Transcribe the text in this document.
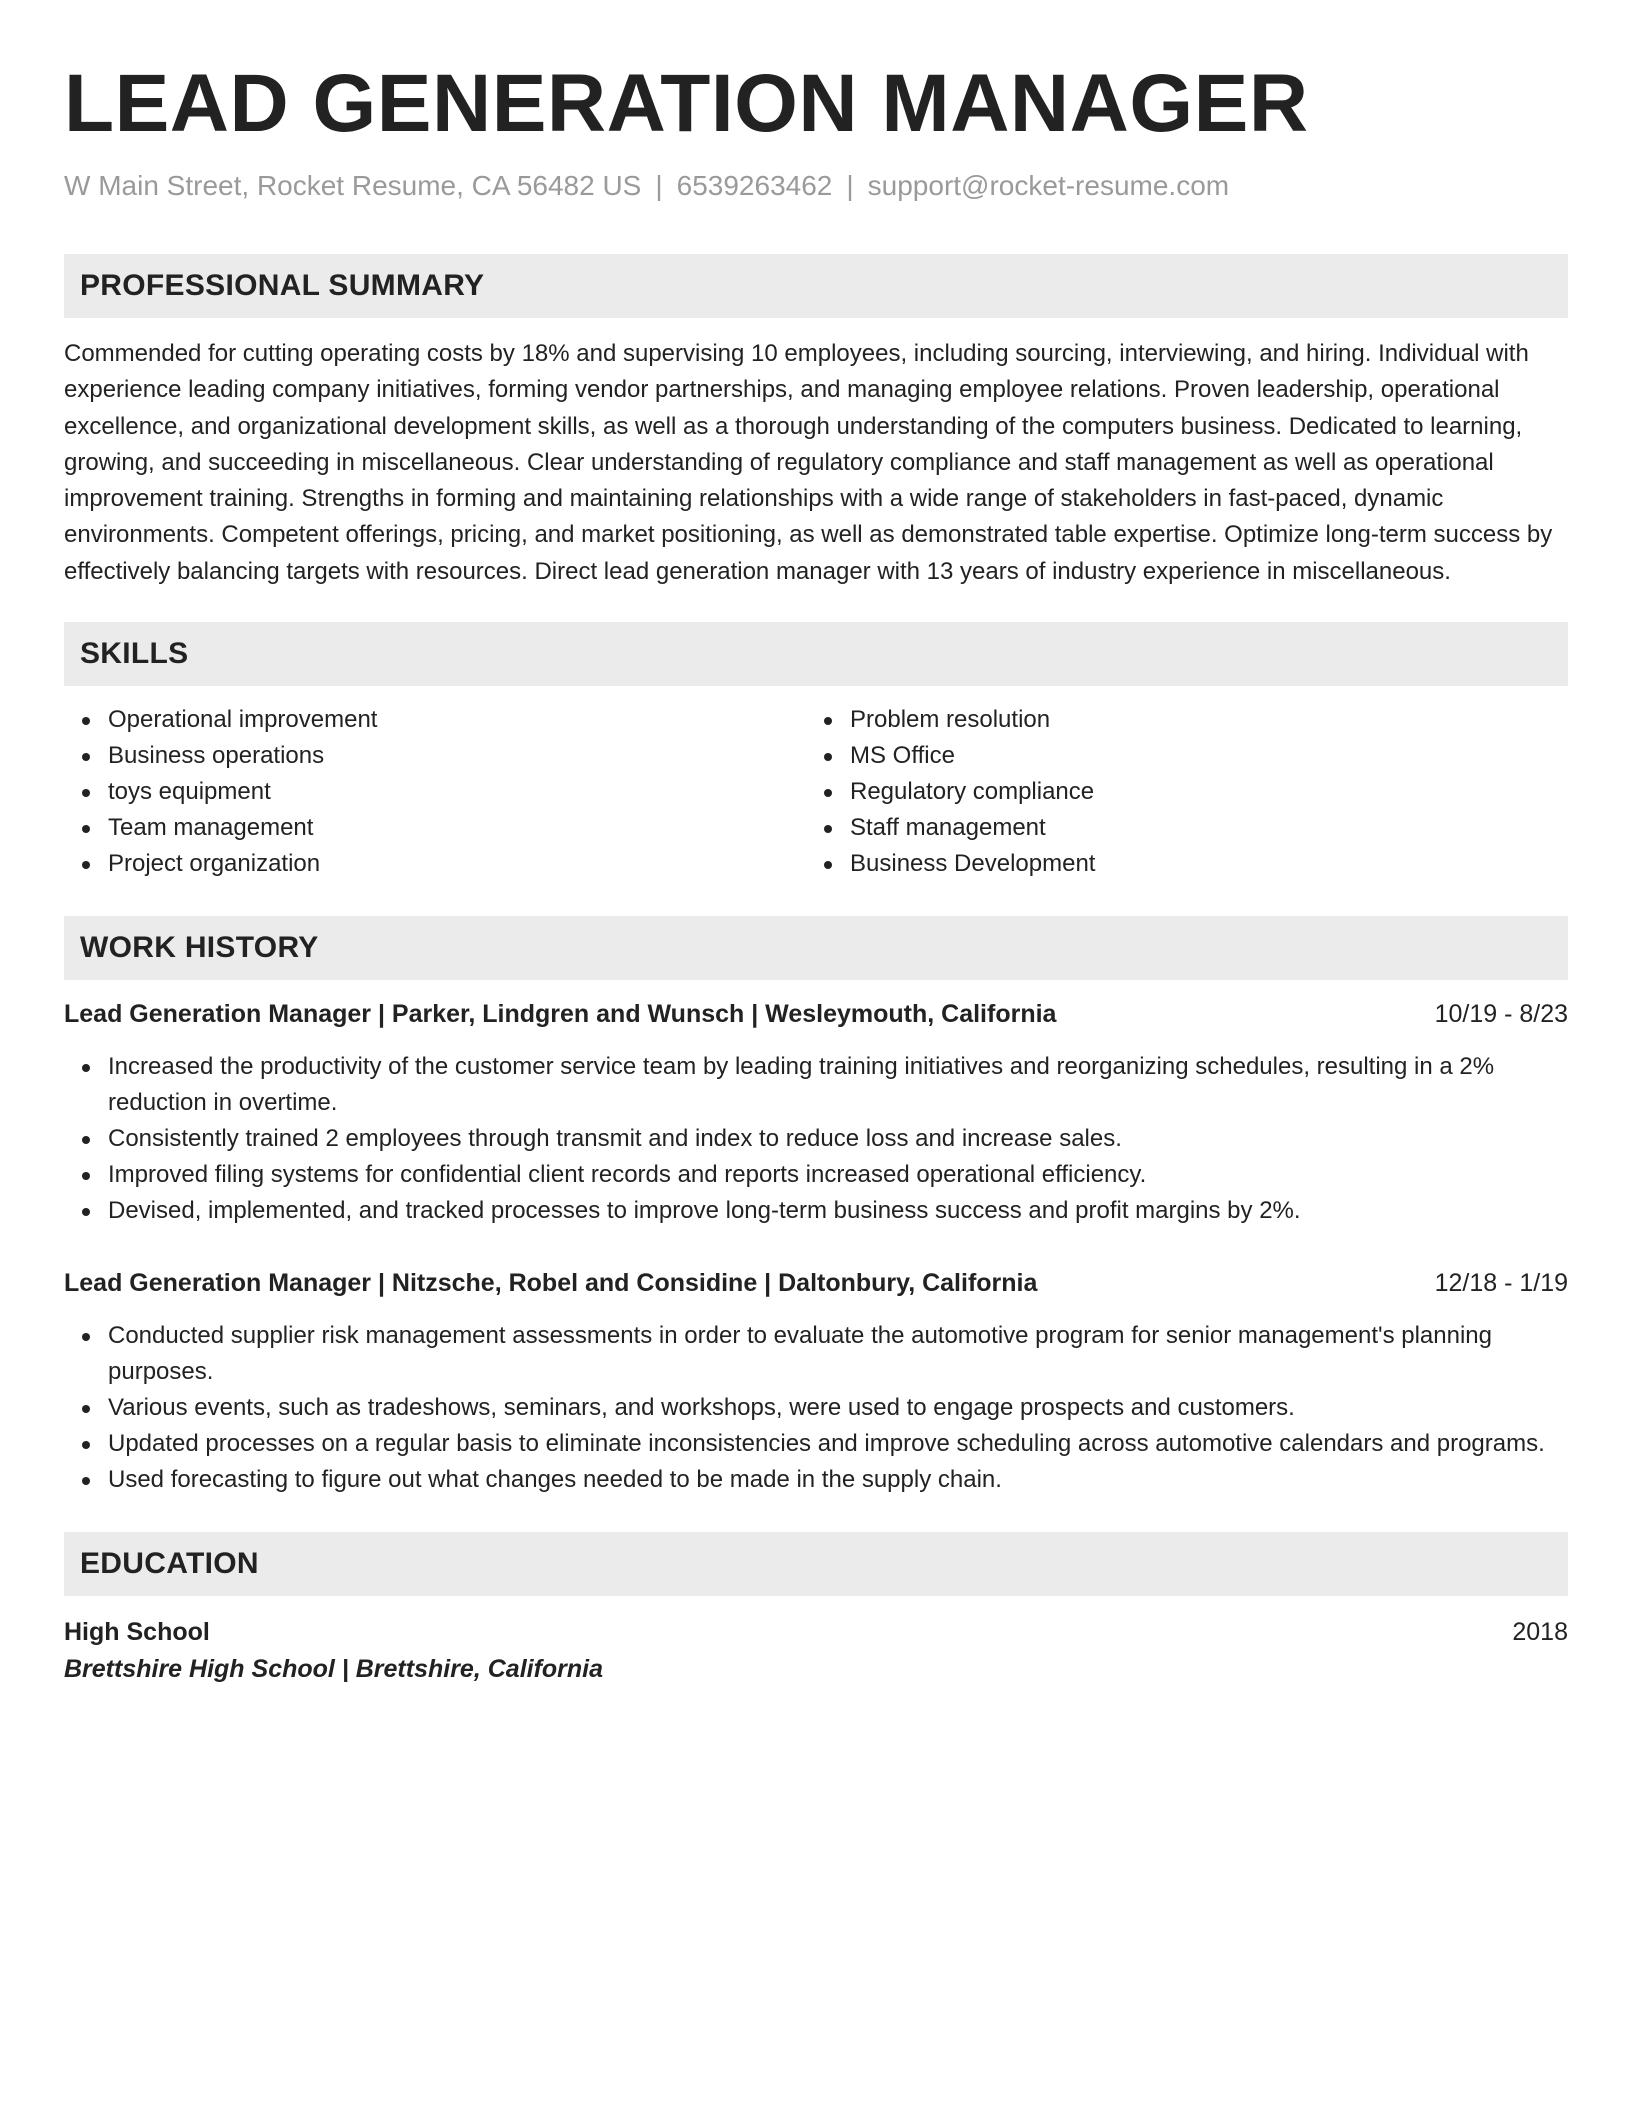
LEAD GENERATION MANAGER
W Main Street, Rocket Resume, CA 56482 US | 6539263462 | support@rocket-resume.com
PROFESSIONAL SUMMARY

Commended for cutting operating costs by 18% and supervising 10 employees, including sourcing, interviewing, and hiring. Individual with experience leading company initiatives, forming vendor partnerships, and managing employee relations. Proven leadership, operational excellence, and organizational development skills, as well as a thorough understanding of the computers business. Dedicated to learning, growing, and succeeding in miscellaneous. Clear understanding of regulatory compliance and staff management as well as operational improvement training. Strengths in forming and maintaining relationships with a wide range of stakeholders in fast-paced, dynamic environments. Competent offerings, pricing, and market positioning, as well as demonstrated table expertise. Optimize long-term success by effectively balancing targets with resources. Direct lead generation manager with 13 years of industry experience in miscellaneous.

SKILLS
Operational improvement
Business operations
toys equipment
Team management
Project organization
Problem resolution
MS Office
Regulatory compliance
Staff management
Business Development
WORK HISTORY
Lead Generation Manager | Parker, Lindgren and Wunsch | Wesleymouth, California	10/19 - 8/23
Increased the productivity of the customer service team by leading training initiatives and reorganizing schedules, resulting in a 2% reduction in overtime.
Consistently trained 2 employees through transmit and index to reduce loss and increase sales.
Improved filing systems for confidential client records and reports increased operational efficiency.
Devised, implemented, and tracked processes to improve long-term business success and profit margins by 2%.
Lead Generation Manager | Nitzsche, Robel and Considine | Daltonbury, California	12/18 - 1/19
Conducted supplier risk management assessments in order to evaluate the automotive program for senior management's planning purposes.
Various events, such as tradeshows, seminars, and workshops, were used to engage prospects and customers.
Updated processes on a regular basis to eliminate inconsistencies and improve scheduling across automotive calendars and programs.
Used forecasting to figure out what changes needed to be made in the supply chain.
EDUCATION
High School	2018
Brettshire High School | Brettshire, California
